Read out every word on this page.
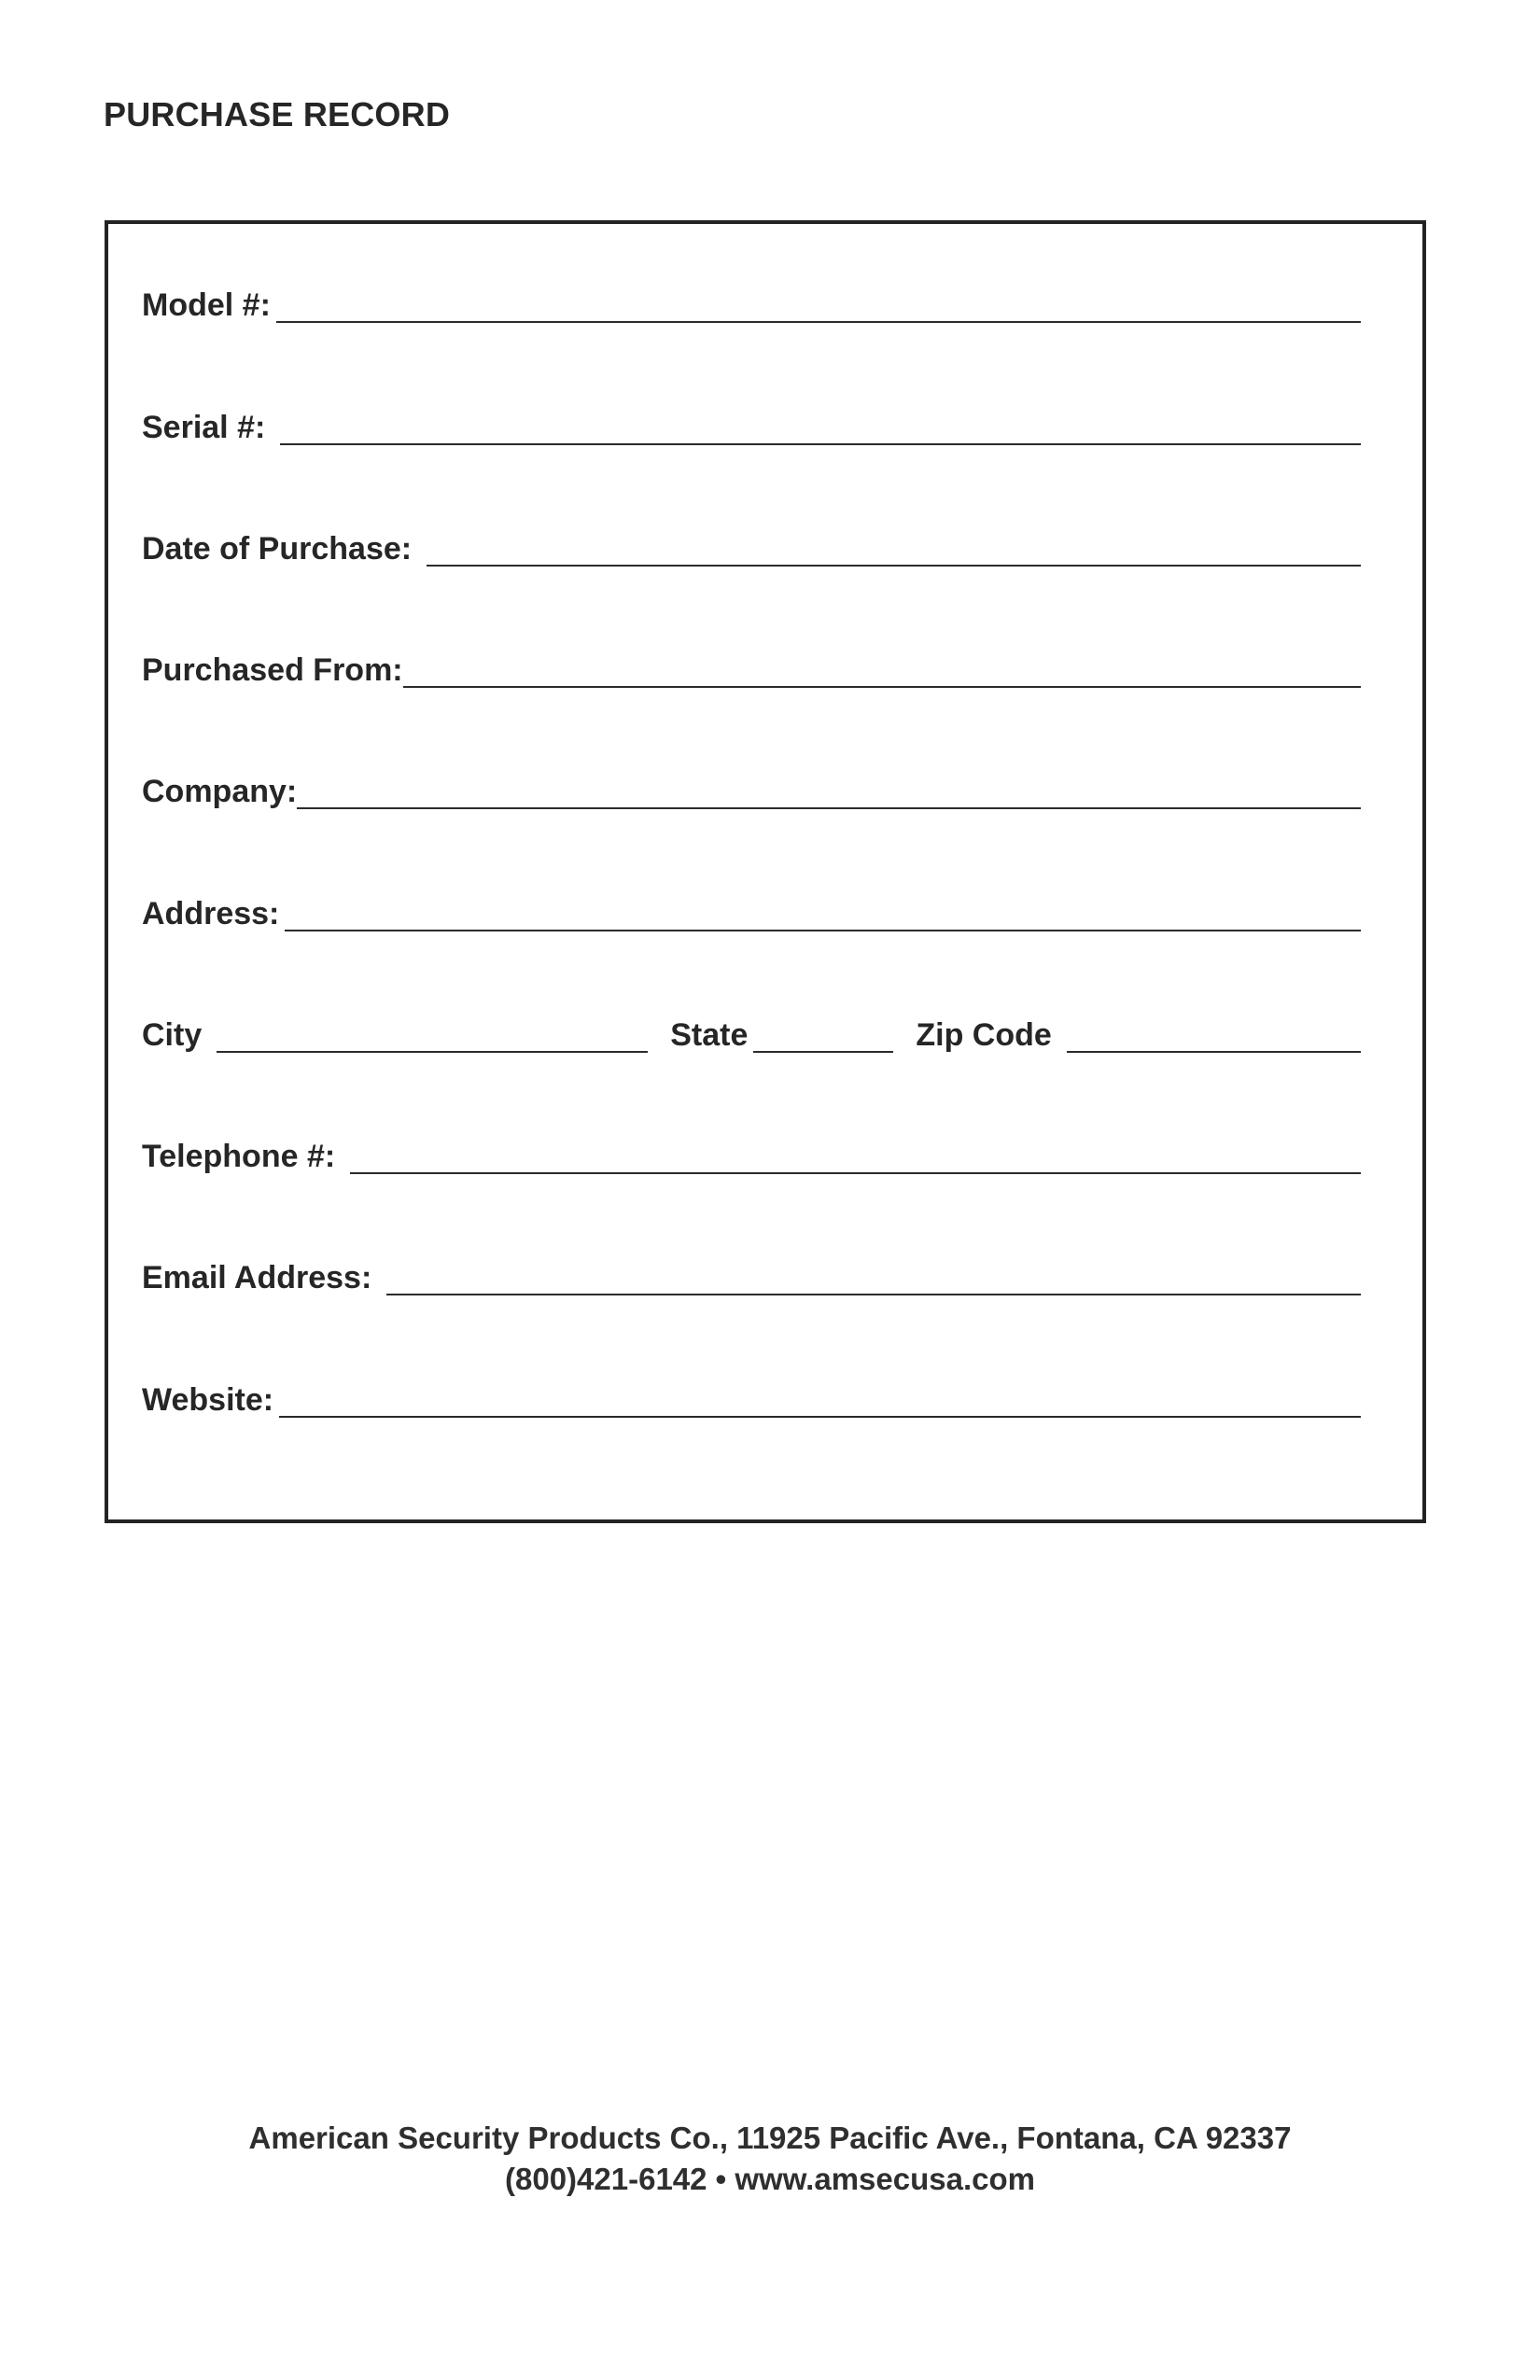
PURCHASE RECORD
Model #:
Serial #:
Date of Purchase:
Purchased From:
Company:
Address:
City	State	Zip Code
Telephone #:
Email Address:
Website:
American Security Products Co., 11925 Pacific Ave., Fontana, CA 92337
(800)421-6142 • www.amsecusa.com
